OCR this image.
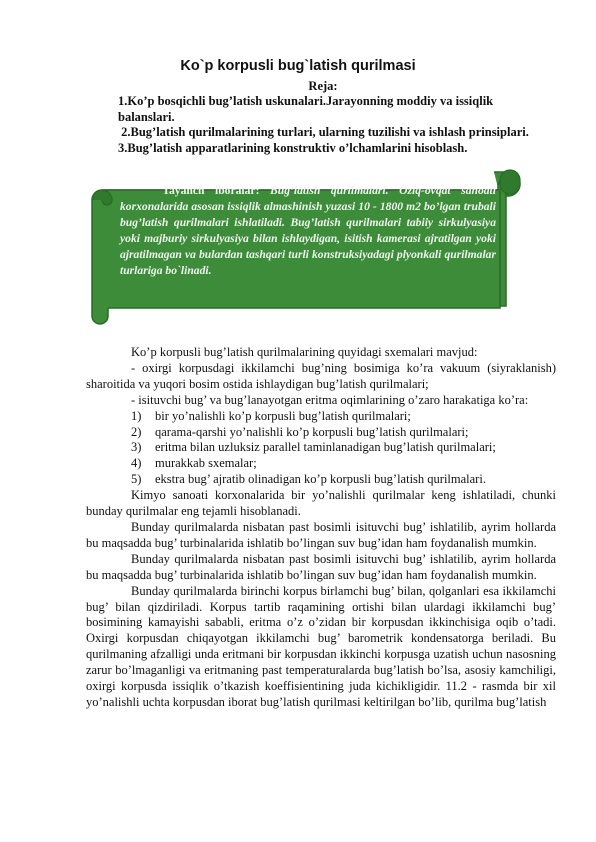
Ko`p korpusli bug`latish qurilmasi
Reja:
1.Ko’p bosqichli bug’latish uskunalari.Jarayonning moddiy va issiqlik balanslari.
2.Bug’latish qurilmalarining turlari, ularning tuzilishi va ishlash prinsiplari.
3.Bug’latish apparatlarining konstruktiv o’lchamlarini hisoblash.
Tayanch iboralar: Bug’latish qurilmalari. Oziq-ovqat sanoati korxonalarida asosan issiqlik almashinish yuzasi 10 - 1800 m2 bo’lgan trubali bug’latish qurilmalari ishlatiladi. Bug’latish qurilmalari tabiiy sirkulyasiya yoki majburiy sirkulyasiya bilan ishlaydigan, isitish kamerasi ajratilgan yoki ajratilmagan va bulardan tashqari turli konstruksiyadagi plyonkali qurilmalar turlariga bo`linadi.

Ko’p korpusli bug’latish qurilmalarining quyidagi sxemalari mavjud:

- oxirgi korpusdagi ikkilamchi bug’ning bosimiga ko’ra vakuum (siyraklanish) sharoitida va yuqori bosim ostida ishlaydigan bug’latish qurilmalari;

- isituvchi bug’ va bug’lanayotgan eritma oqimlarining o’zaro harakatiga ko’ra:

1)	bir yo’nalishli ko’p korpusli bug’latish qurilmalari;
2)	qarama-qarshi yo’nalishli ko’p korpusli bug’latish qurilmalari;
3)	eritma bilan uzluksiz parallel taminlanadigan bug’latish qurilmalari;
4)	murakkab sxemalar;
5)	ekstra bug’ ajratib olinadigan ko’p korpusli bug’latish qurilmalari.

Kimyo sanoati korxonalarida bir yo’nalishli qurilmalar keng ishlatiladi, chunki bunday qurilmalar eng tejamli hisoblanadi.

Bunday qurilmalarda nisbatan past bosimli isituvchi bug’ ishlatilib, ayrim hollarda bu maqsadda bug’ turbinalarida ishlatib bo’lingan suv bug’idan ham foydanalish mumkin.

Bunday qurilmalarda nisbatan past bosimli isituvchi bug’ ishlatilib, ayrim hollarda bu maqsadda bug’ turbinalarida ishlatib bo’lingan suv bug’idan ham foydanalish mumkin.

Bunday qurilmalarda birinchi korpus birlamchi bug’ bilan, qolganlari esa ikkilamchi bug’ bilan qizdiriladi. Korpus tartib raqamining ortishi bilan ulardagi ikkilamchi bug’ bosimining kamayishi sababli, eritma o’z o’zidan bir korpusdan ikkinchisiga oqib o’tadi. Oxirgi korpusdan chiqayotgan ikkilamchi bug’ barometrik kondensatorga beriladi. Bu qurilmaning afzalligi unda eritmani bir korpusdan ikkinchi korpusga uzatish uchun nasosning zarur bo’lmaganligi va eritmaning past temperaturalarda bug’latish bo’lsa, asosiy kamchiligi, oxirgi korpusda issiqlik o’tkazish koeffisientining juda kichikligidir. 11.2 - rasmda bir xil yo’nalishli uchta korpusdan iborat bug’latish qurilmasi keltirilgan bo’lib, qurilma bug’latish
